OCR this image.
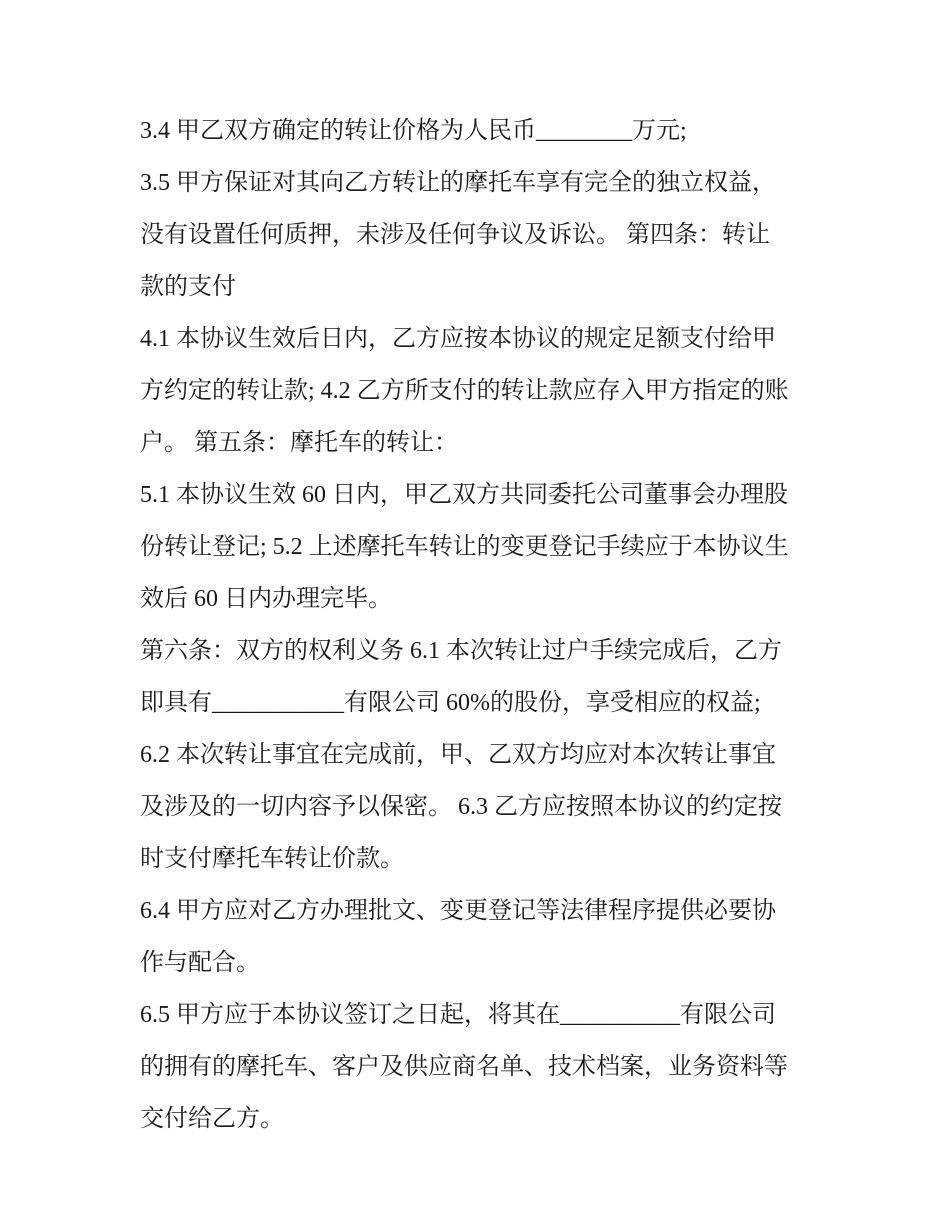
3.4 甲乙双方确定的转让价格为人民币________万元;
3.5 甲方保证对其向乙方转让的摩托车享有完全的独立权益，
没有设置任何质押，未涉及任何争议及诉讼。 第四条：转让
款的支付
4.1 本协议生效后日内，乙方应按本协议的规定足额支付给甲
方约定的转让款; 4.2 乙方所支付的转让款应存入甲方指定的账
户。 第五条：摩托车的转让：
5.1 本协议生效 60 日内，甲乙双方共同委托公司董事会办理股
份转让登记; 5.2 上述摩托车转让的变更登记手续应于本协议生
效后 60 日内办理完毕。
第六条：双方的权利义务 6.1 本次转让过户手续完成后，乙方
即具有___________有限公司 60%的股份，享受相应的权益;
6.2 本次转让事宜在完成前，甲、乙双方均应对本次转让事宜
及涉及的一切内容予以保密。 6.3 乙方应按照本协议的约定按
时支付摩托车转让价款。
6.4 甲方应对乙方办理批文、变更登记等法律程序提供必要协
作与配合。
6.5 甲方应于本协议签订之日起，将其在__________有限公司
的拥有的摩托车、客户及供应商名单、技术档案，业务资料等
交付给乙方。
